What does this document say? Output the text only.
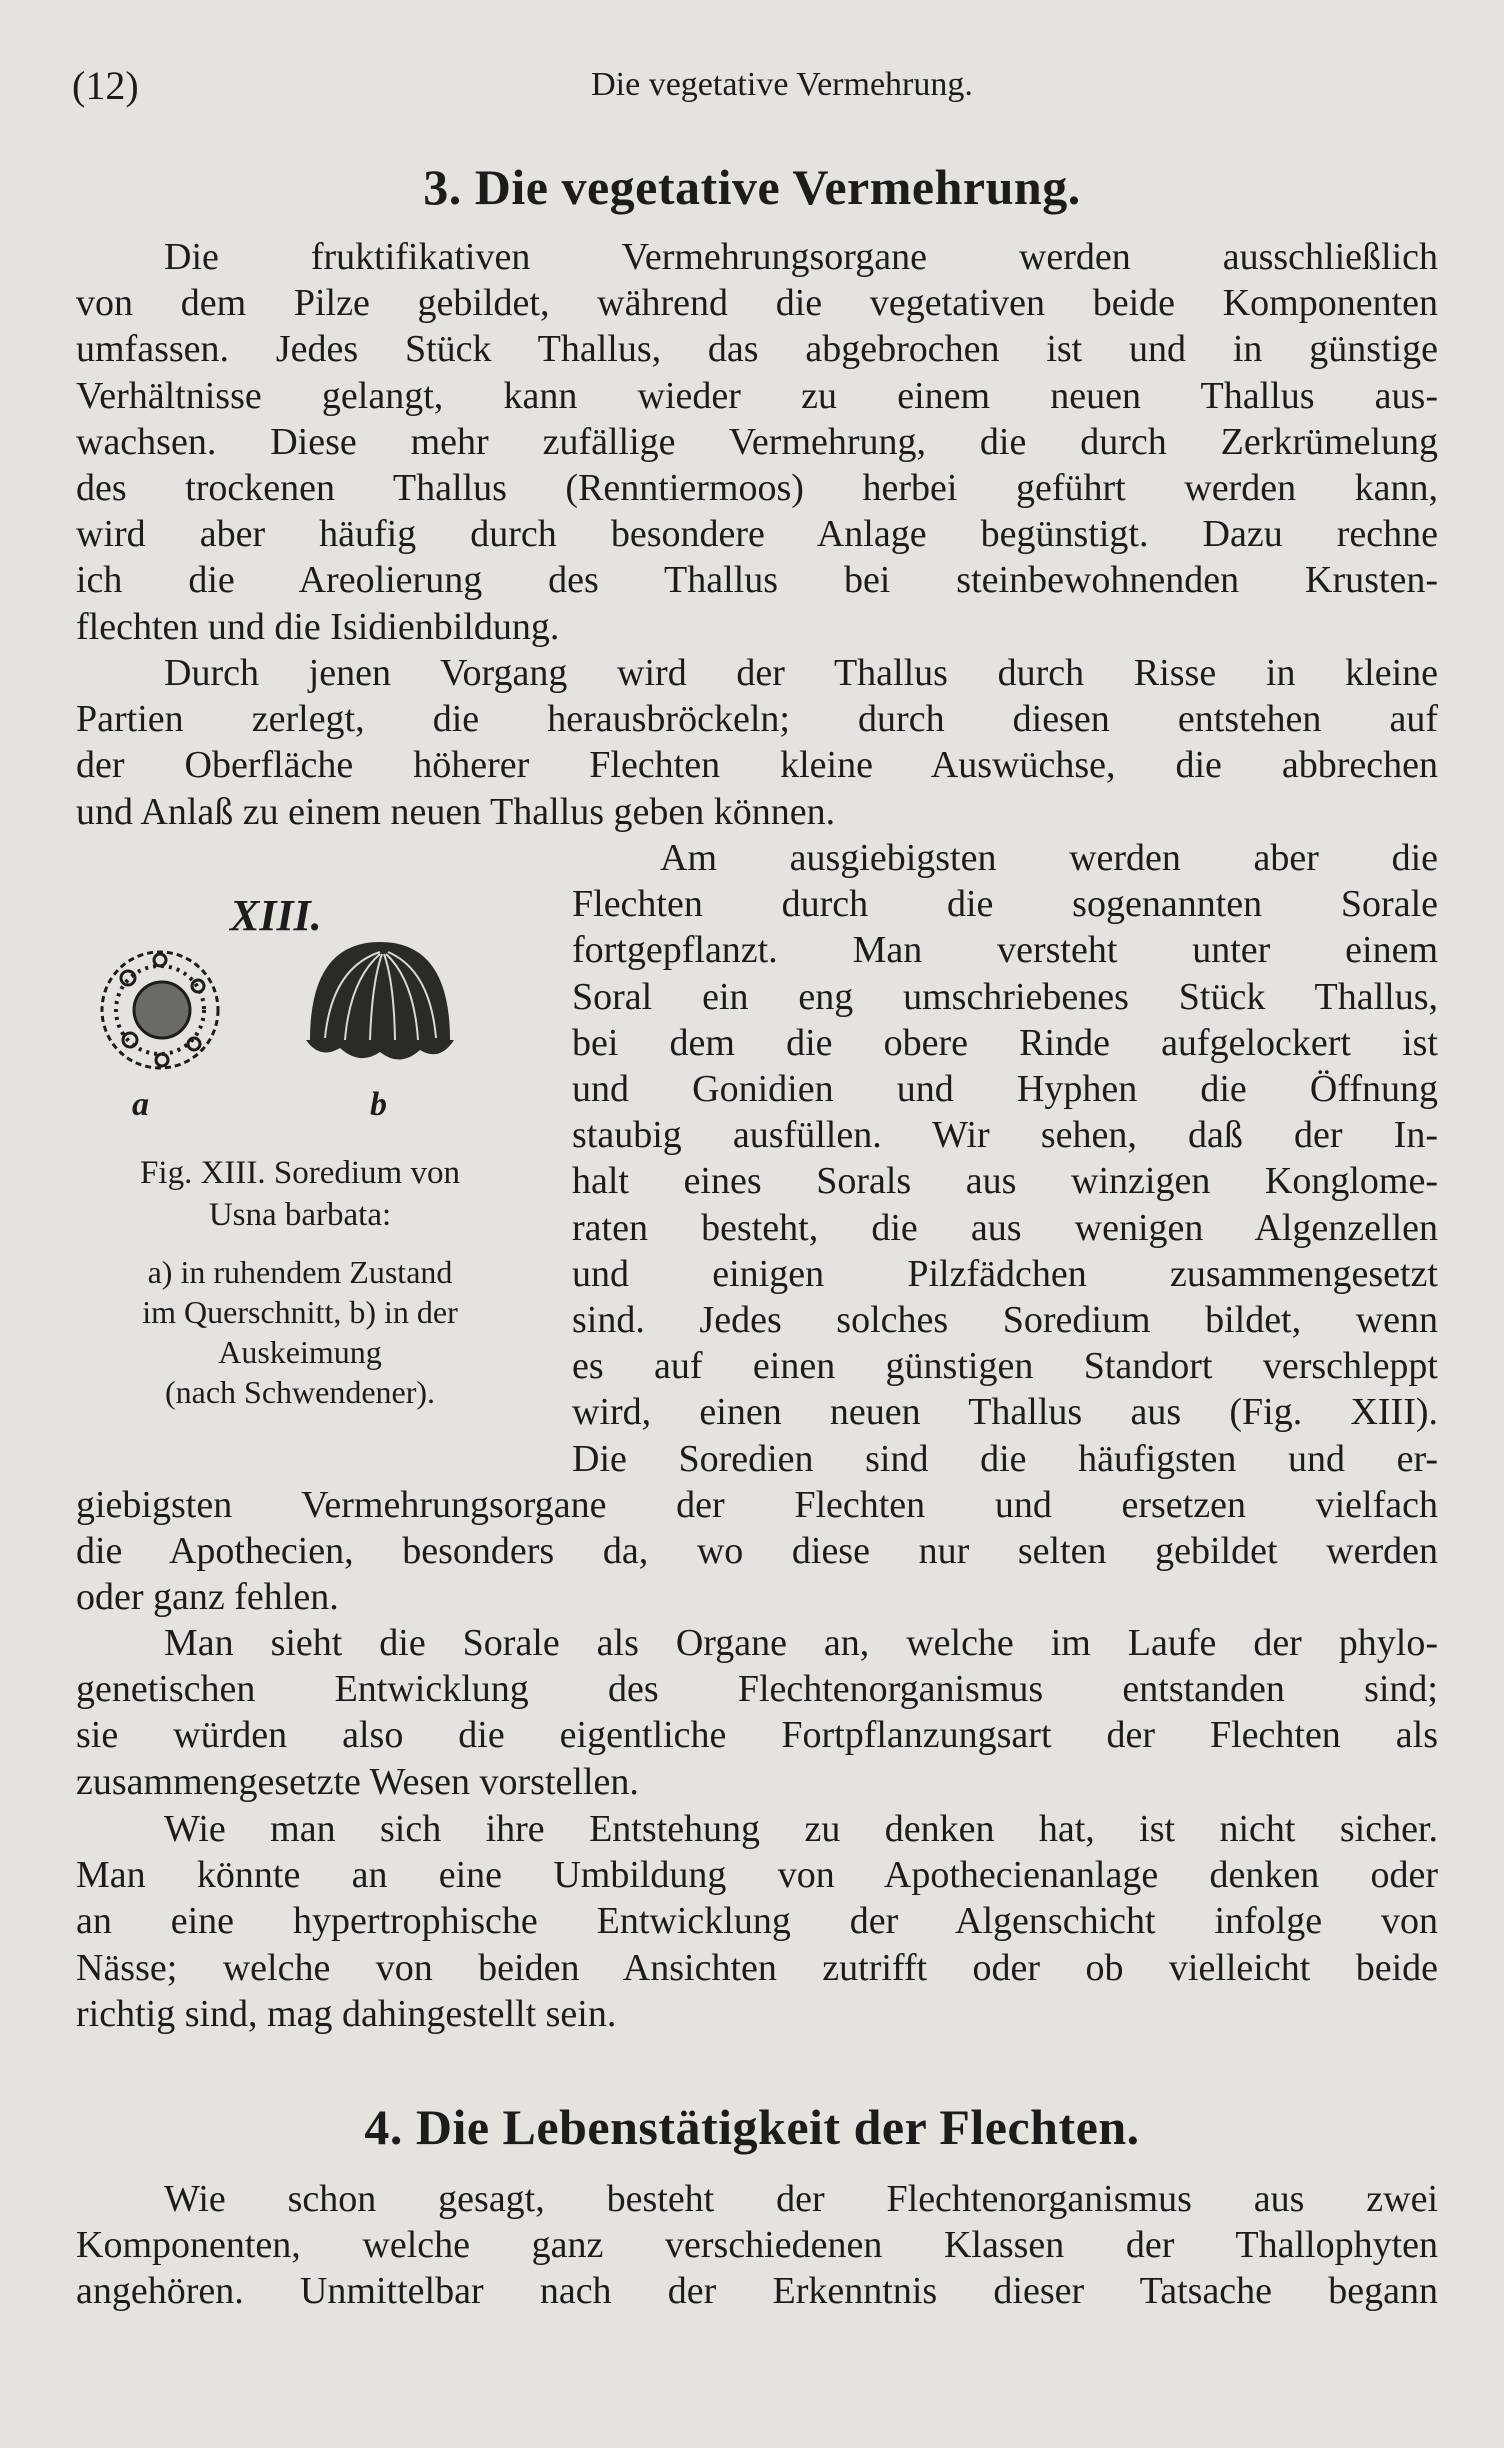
(12)	Die vegetative Vermehrung.
3. Die vegetative Vermehrung.
Die fruktifikativen Vermehrungsorgane werden ausschließlich
von dem Pilze gebildet, während die vegetativen beide Komponenten
umfassen. Jedes Stück Thallus, das abgebrochen ist und in günstige
Verhältnisse gelangt, kann wieder zu einem neuen Thallus aus-
wachsen. Diese mehr zufällige Vermehrung, die durch Zerkrümelung
des trockenen Thallus (Renntiermoos) herbei geführt werden kann,
wird aber häufig durch besondere Anlage begünstigt. Dazu rechne
ich die Areolierung des Thallus bei steinbewohnenden Krusten-
flechten und die Isidienbildung.
Durch jenen Vorgang wird der Thallus durch Risse in kleine
Partien zerlegt, die herausbröckeln; durch diesen entstehen auf
der Oberfläche höherer Flechten kleine Auswüchse, die abbrechen
und Anlaß zu einem neuen Thallus geben können.
Am ausgiebigsten werden aber die
Flechten durch die sogenannten Sorale
fortgepflanzt. Man versteht unter einem
Soral ein eng umschriebenes Stück Thallus,
bei dem die obere Rinde aufgelockert ist
und Gonidien und Hyphen die Öffnung
staubig ausfüllen. Wir sehen, daß der In-
halt eines Sorals aus winzigen Konglome-
raten besteht, die aus wenigen Algenzellen
und einigen Pilzfädchen zusammengesetzt
sind. Jedes solches Soredium bildet, wenn
es auf einen günstigen Standort verschleppt
wird, einen neuen Thallus aus (Fig. XIII).
Die Soredien sind die häufigsten und er-
XIII.
a	b
Fig. XIII. Soredium von
Usna barbata:
a) in ruhendem Zustand
im Querschnitt, b) in der
Auskeimung
(nach Schwendener).
giebigsten Vermehrungsorgane der Flechten und ersetzen vielfach
die Apothecien, besonders da, wo diese nur selten gebildet werden
oder ganz fehlen.
Man sieht die Sorale als Organe an, welche im Laufe der phylo-
genetischen Entwicklung des Flechtenorganismus entstanden sind;
sie würden also die eigentliche Fortpflanzungsart der Flechten als
zusammengesetzte Wesen vorstellen.
Wie man sich ihre Entstehung zu denken hat, ist nicht sicher.
Man könnte an eine Umbildung von Apothecienanlage denken oder
an eine hypertrophische Entwicklung der Algenschicht infolge von
Nässe; welche von beiden Ansichten zutrifft oder ob vielleicht beide
richtig sind, mag dahingestellt sein.
4. Die Lebenstätigkeit der Flechten.
Wie schon gesagt, besteht der Flechtenorganismus aus zwei
Komponenten, welche ganz verschiedenen Klassen der Thallophyten
angehören. Unmittelbar nach der Erkenntnis dieser Tatsache begann
